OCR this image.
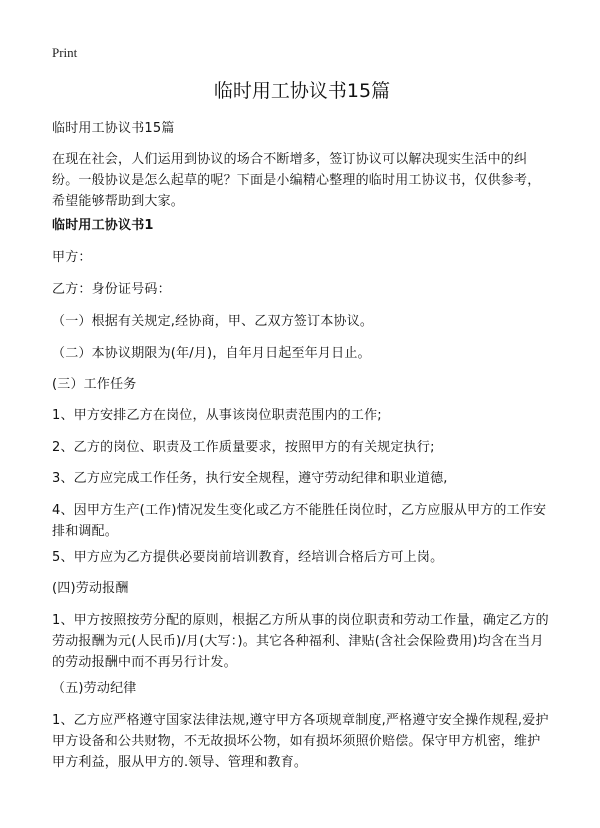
Print
临时用工协议书15篇

临时用工协议书15篇

在现在社会，人们运用到协议的场合不断增多，签订协议可以解决现实生活中的纠纷。一般协议是怎么起草的呢？下面是小编精心整理的临时用工协议书，仅供参考，希望能够帮助到大家。

临时用工协议书1

甲方：

乙方：身份证号码：

（一）根据有关规定,经协商，甲、乙双方签订本协议。

（二）本协议期限为(年/月)，自年月日起至年月日止。

(三）工作任务

1、甲方安排乙方在岗位，从事该岗位职责范围内的工作;

2、乙方的岗位、职责及工作质量要求，按照甲方的有关规定执行;

3、乙方应完成工作任务，执行安全规程，遵守劳动纪律和职业道德,

4、因甲方生产(工作)情况发生变化或乙方不能胜任岗位时，乙方应服从甲方的工作安排和调配。

5、甲方应为乙方提供必要岗前培训教育，经培训合格后方可上岗。

(四)劳动报酬

1、甲方按照按劳分配的原则，根据乙方所从事的岗位职责和劳动工作量，确定乙方的劳动报酬为元(人民币)/月(大写：)。其它各种福利、津贴(含社会保险费用)均含在当月的劳动报酬中而不再另行计发。

（五)劳动纪律

1、乙方应严格遵守国家法律法规,遵守甲方各项规章制度,严格遵守安全操作规程,爱护甲方设备和公共财物，不无故损坏公物，如有损坏须照价赔偿。保守甲方机密，维护甲方利益，服从甲方的.领导、管理和教育。
